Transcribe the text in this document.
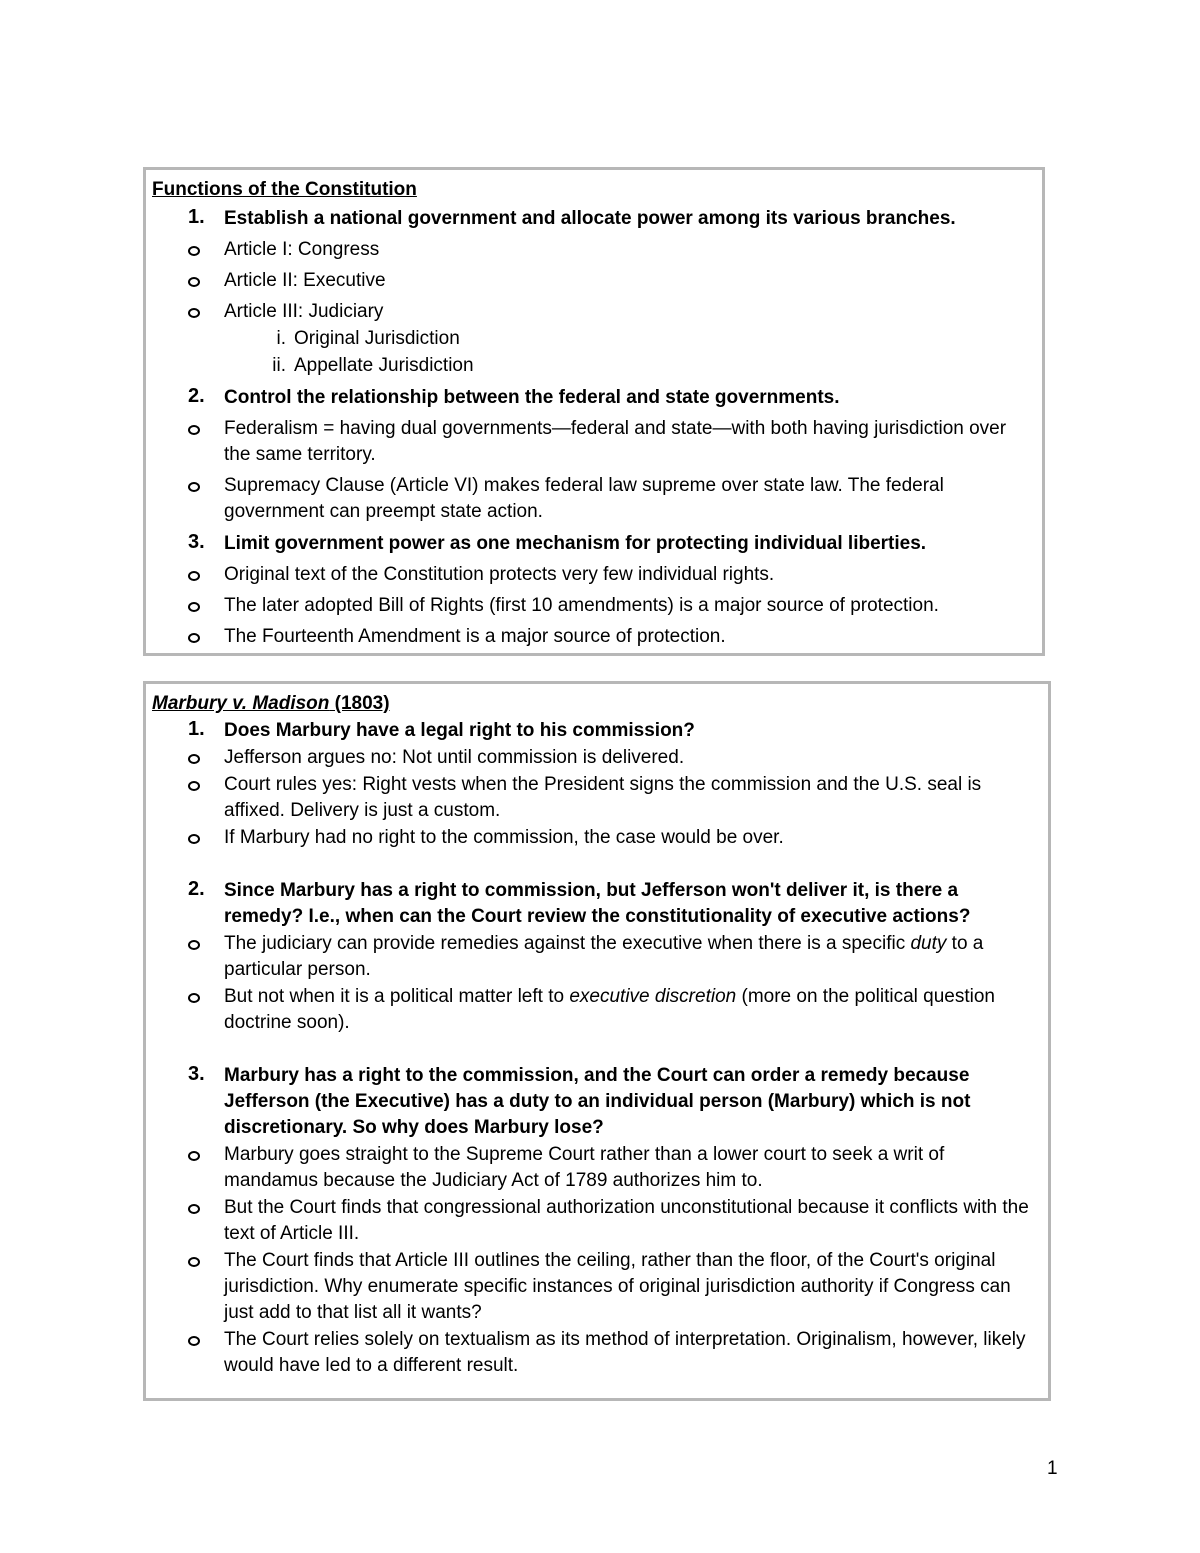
Functions of the Constitution
1. Establish a national government and allocate power among its various branches.
Article I: Congress
Article II: Executive
Article III: Judiciary
i. Original Jurisdiction
ii. Appellate Jurisdiction
2. Control the relationship between the federal and state governments.
Federalism = having dual governments—federal and state—with both having jurisdiction over the same territory.
Supremacy Clause (Article VI) makes federal law supreme over state law. The federal government can preempt state action.
3. Limit government power as one mechanism for protecting individual liberties.
Original text of the Constitution protects very few individual rights.
The later adopted Bill of Rights (first 10 amendments) is a major source of protection.
The Fourteenth Amendment is a major source of protection.
Marbury v. Madison (1803)
1. Does Marbury have a legal right to his commission?
Jefferson argues no: Not until commission is delivered.
Court rules yes: Right vests when the President signs the commission and the U.S. seal is affixed. Delivery is just a custom.
If Marbury had no right to the commission, the case would be over.
2. Since Marbury has a right to commission, but Jefferson won't deliver it, is there a remedy? I.e., when can the Court review the constitutionality of executive actions?
The judiciary can provide remedies against the executive when there is a specific duty to a particular person.
But not when it is a political matter left to executive discretion (more on the political question doctrine soon).
3. Marbury has a right to the commission, and the Court can order a remedy because Jefferson (the Executive) has a duty to an individual person (Marbury) which is not discretionary. So why does Marbury lose?
Marbury goes straight to the Supreme Court rather than a lower court to seek a writ of mandamus because the Judiciary Act of 1789 authorizes him to.
But the Court finds that congressional authorization unconstitutional because it conflicts with the text of Article III.
The Court finds that Article III outlines the ceiling, rather than the floor, of the Court's original jurisdiction. Why enumerate specific instances of original jurisdiction authority if Congress can just add to that list all it wants?
The Court relies solely on textualism as its method of interpretation. Originalism, however, likely would have led to a different result.
1
